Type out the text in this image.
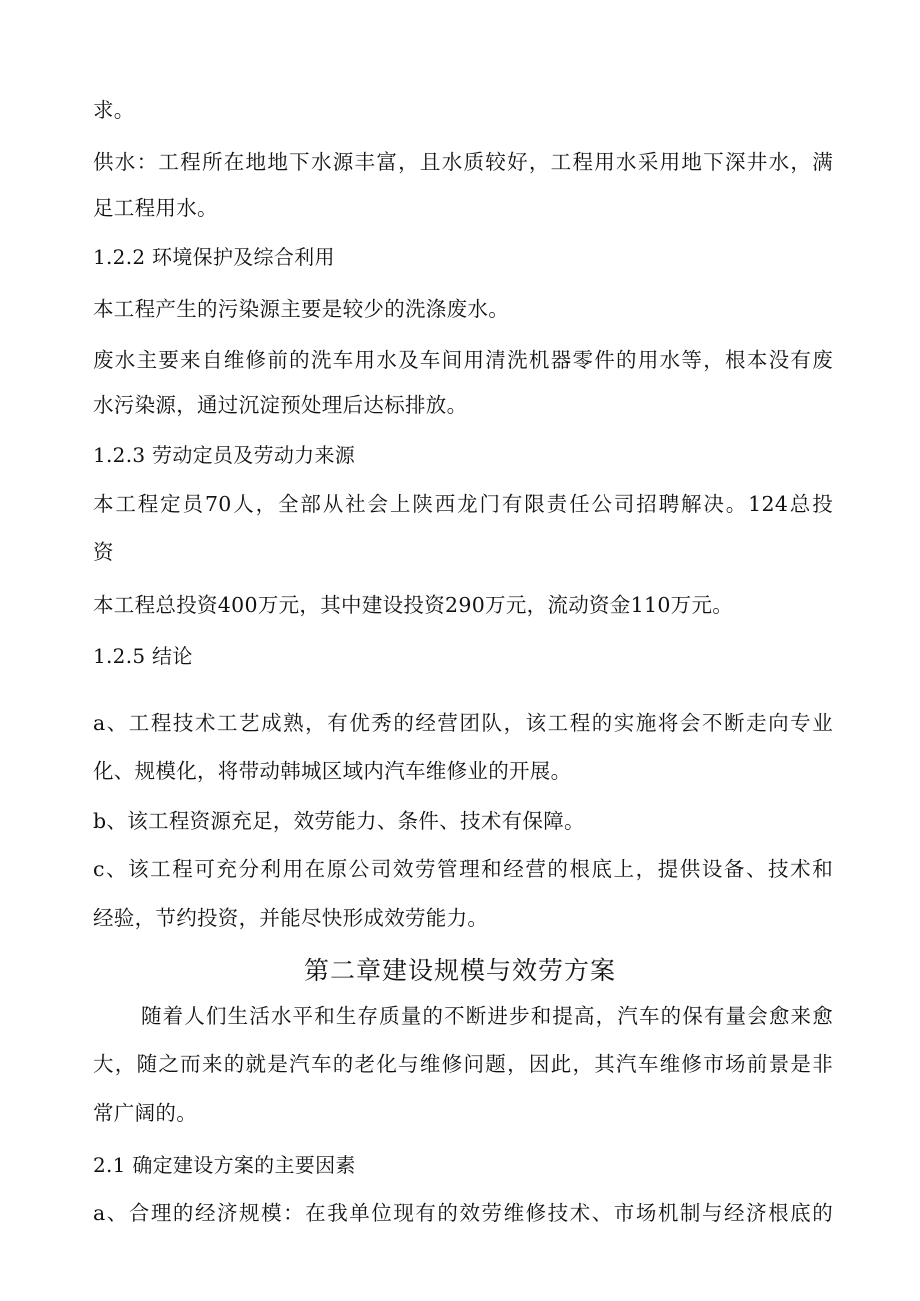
求。
供水：工程所在地地下水源丰富，且水质较好，工程用水采用地下深井水，满
足工程用水。
1.2.2 环境保护及综合利用
本工程产生的污染源主要是较少的洗涤废水。
废水主要来自维修前的洗车用水及车间用清洗机器零件的用水等，根本没有废
水污染源，通过沉淀预处理后达标排放。
1.2.3 劳动定员及劳动力来源
本工程定员70人，全部从社会上陕西龙门有限责任公司招聘解决。124总投
资
本工程总投资400万元，其中建设投资290万元，流动资金110万元。
1.2.5 结论
a、工程技术工艺成熟，有优秀的经营团队，该工程的实施将会不断走向专业
化、规模化，将带动韩城区域内汽车维修业的开展。
b、该工程资源充足，效劳能力、条件、技术有保障。
c、该工程可充分利用在原公司效劳管理和经营的根底上，提供设备、技术和
经验，节约投资，并能尽快形成效劳能力。
第二章建设规模与效劳方案
随着人们生活水平和生存质量的不断进步和提高，汽车的保有量会愈来愈
大，随之而来的就是汽车的老化与维修问题，因此，其汽车维修市场前景是非
常广阔的。
2.1 确定建设方案的主要因素
a、合理的经济规模：在我单位现有的效劳维修技术、市场机制与经济根底的
